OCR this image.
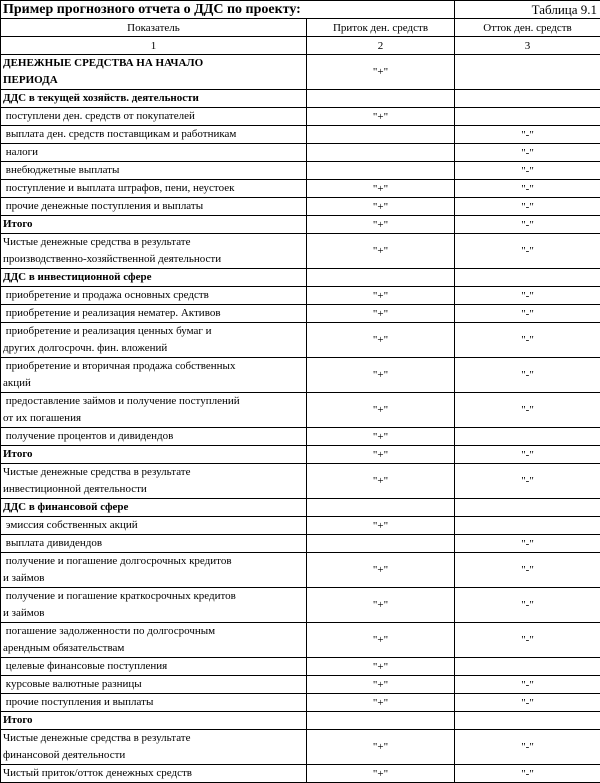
Пример прогнозного отчета о ДДС по проекту:		Таблица 9.1
Показатель	Приток ден. средств	Отток ден. средств
1	2	3

ДЕНЕЖНЫЕ СРЕДСТВА НА НАЧАЛО
ПЕРИОДА	"+"	

ДДС в текущей хозяйств. деятельности		

поступлени ден. средств от покупателей	"+"	

выплата ден. средств поставщикам и работникам		"-"

налоги		"-"

внебюджетные выплаты		"-"

поступление и выплата штрафов, пени, неустоек	"+"	"-"

прочие денежные поступления и выплаты	"+"	"-"

Итого	"+"	"-"

Чистые денежные средства в результате
производственно-хозяйственной деятельности	"+"	"-"

ДДС в инвестиционной сфере		

приобретение и продажа основных средств	"+"	"-"

приобретение и реализация нематер. Активов	"+"	"-"

приобретение и реализация ценных бумаг и
других долгосрочн. фин. вложений	"+"	"-"

приобретение и вторичная продажа собственных
акций	"+"	"-"

предоставление займов и получение поступлений
от их погашения	"+"	"-"

получение процентов и дивидендов	"+"	

Итого	"+"	"-"

Чистые денежные средства в результате
инвестиционной деятельности	"+"	"-"

ДДС в финансовой сфере		

эмиссия собственных акций	"+"	

выплата дивидендов		"-"

получение и погашение долгосрочных кредитов
и займов	"+"	"-"

получение и погашение краткосрочных кредитов
и займов	"+"	"-"

погашение задолженности по долгосрочным
арендным обязательствам	"+"	"-"

целевые финансовые поступления	"+"	

курсовые валютные разницы	"+"	"-"

прочие поступления и выплаты	"+"	"-"

Итого		

Чистые денежные средства в результате
финансовой деятельности	"+"	"-"

Чистый приток/отток денежных средств	"+"	"-"
